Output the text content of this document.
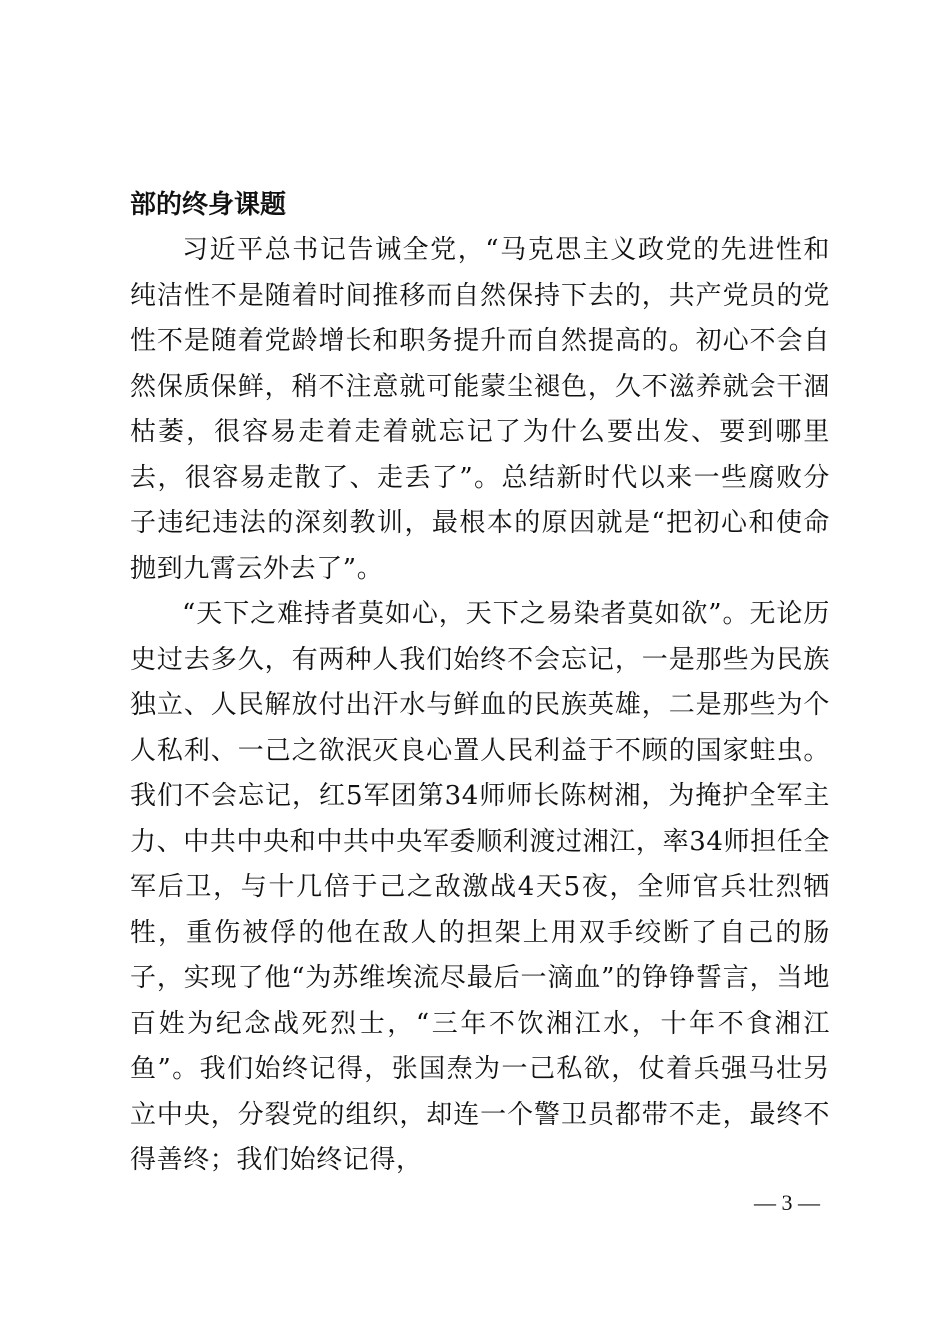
部的终身课题

习近平总书记告诫全党，“马克思主义政党的先进性和纯洁性不是随着时间推移而自然保持下去的，共产党员的党性不是随着党龄增长和职务提升而自然提高的。初心不会自然保质保鲜，稍不注意就可能蒙尘褪色，久不滋养就会干涸枯萎，很容易走着走着就忘记了为什么要出发、要到哪里去，很容易走散了、走丢了”。总结新时代以来一些腐败分子违纪违法的深刻教训，最根本的原因就是“把初心和使命抛到九霄云外去了”。

“天下之难持者莫如心，天下之易染者莫如欲”。无论历史过去多久，有两种人我们始终不会忘记，一是那些为民族独立、人民解放付出汗水与鲜血的民族英雄，二是那些为个人私利、一己之欲泯灭良心置人民利益于不顾的国家蛀虫。我们不会忘记，红5军团第34师师长陈树湘，为掩护全军主力、中共中央和中共中央军委顺利渡过湘江，率34师担任全军后卫，与十几倍于己之敌激战4天5夜，全师官兵壮烈牺牲，重伤被俘的他在敌人的担架上用双手绞断了自己的肠子，实现了他“为苏维埃流尽最后一滴血”的铮铮誓言，当地百姓为纪念战死烈士，“三年不饮湘江水，十年不食湘江鱼”。我们始终记得，张国焘为一己私欲，仗着兵强马壮另立中央，分裂党的组织，却连一个警卫员都带不走，最终不得善终；我们始终记得，

— 3 —
